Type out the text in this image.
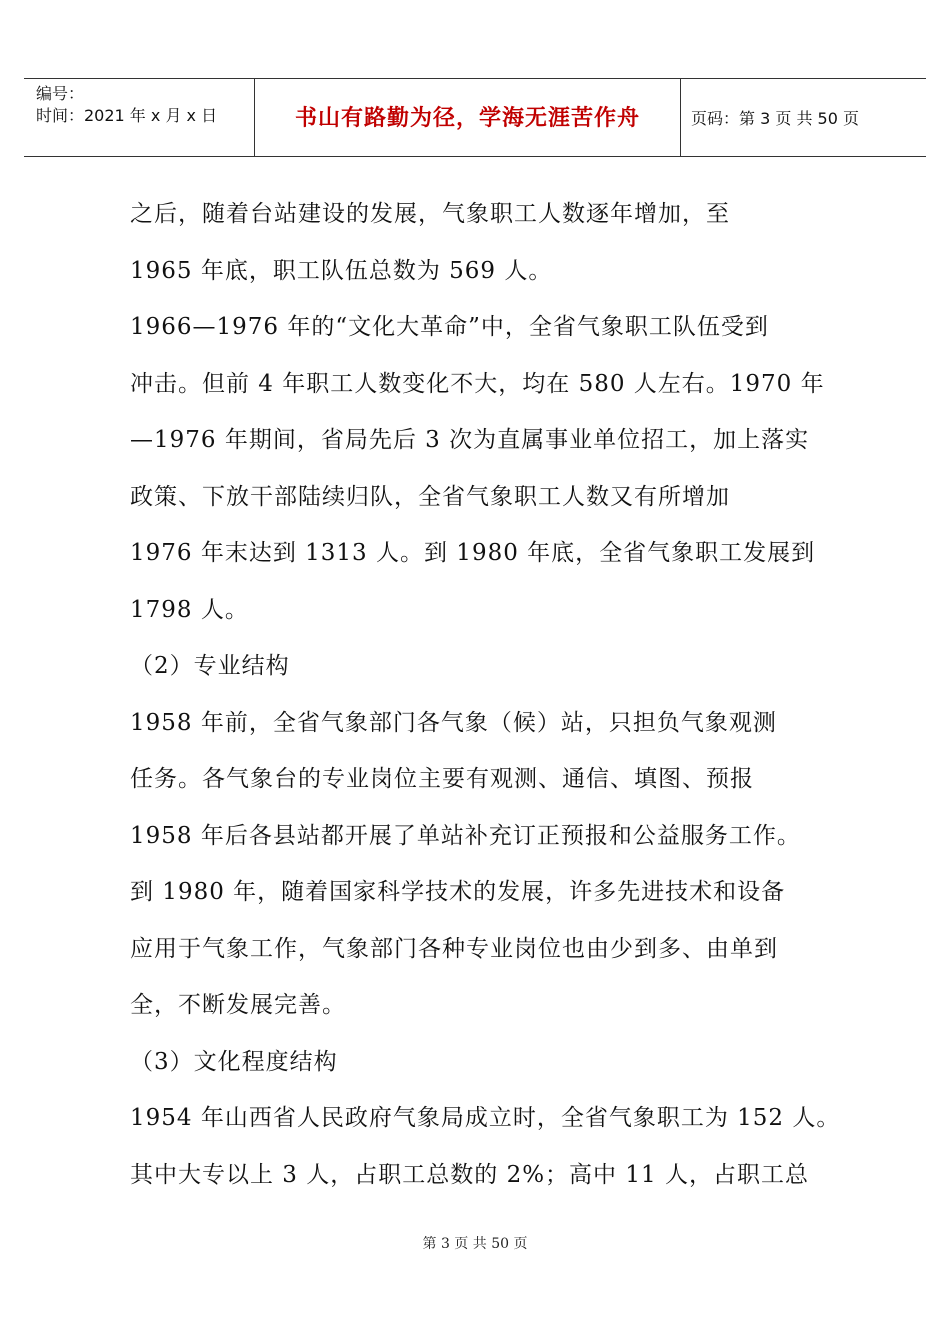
编号：
时间：2021 年 x 月 x 日	书山有路勤为径，学海无涯苦作舟	页码：第 3 页 共 50 页
之后，随着台站建设的发展，气象职工人数逐年增加，至
1965 年底，职工队伍总数为 569 人。
1966—1976 年的“文化大革命”中，全省气象职工队伍受到
冲击。但前 4 年职工人数变化不大，均在 580 人左右。1970 年
—1976 年期间，省局先后 3 次为直属事业单位招工，加上落实
政策、下放干部陆续归队，全省气象职工人数又有所增加
1976 年末达到 1313 人。到 1980 年底，全省气象职工发展到
1798 人。
（2）专业结构
1958 年前，全省气象部门各气象（候）站，只担负气象观测
任务。各气象台的专业岗位主要有观测、通信、填图、预报
1958 年后各县站都开展了单站补充订正预报和公益服务工作。
到 1980 年，随着国家科学技术的发展，许多先进技术和设备
应用于气象工作，气象部门各种专业岗位也由少到多、由单到
全，不断发展完善。
（3）文化程度结构
1954 年山西省人民政府气象局成立时，全省气象职工为 152 人。
其中大专以上 3 人，占职工总数的 2%；高中 11 人，占职工总
第 3 页 共 50 页
